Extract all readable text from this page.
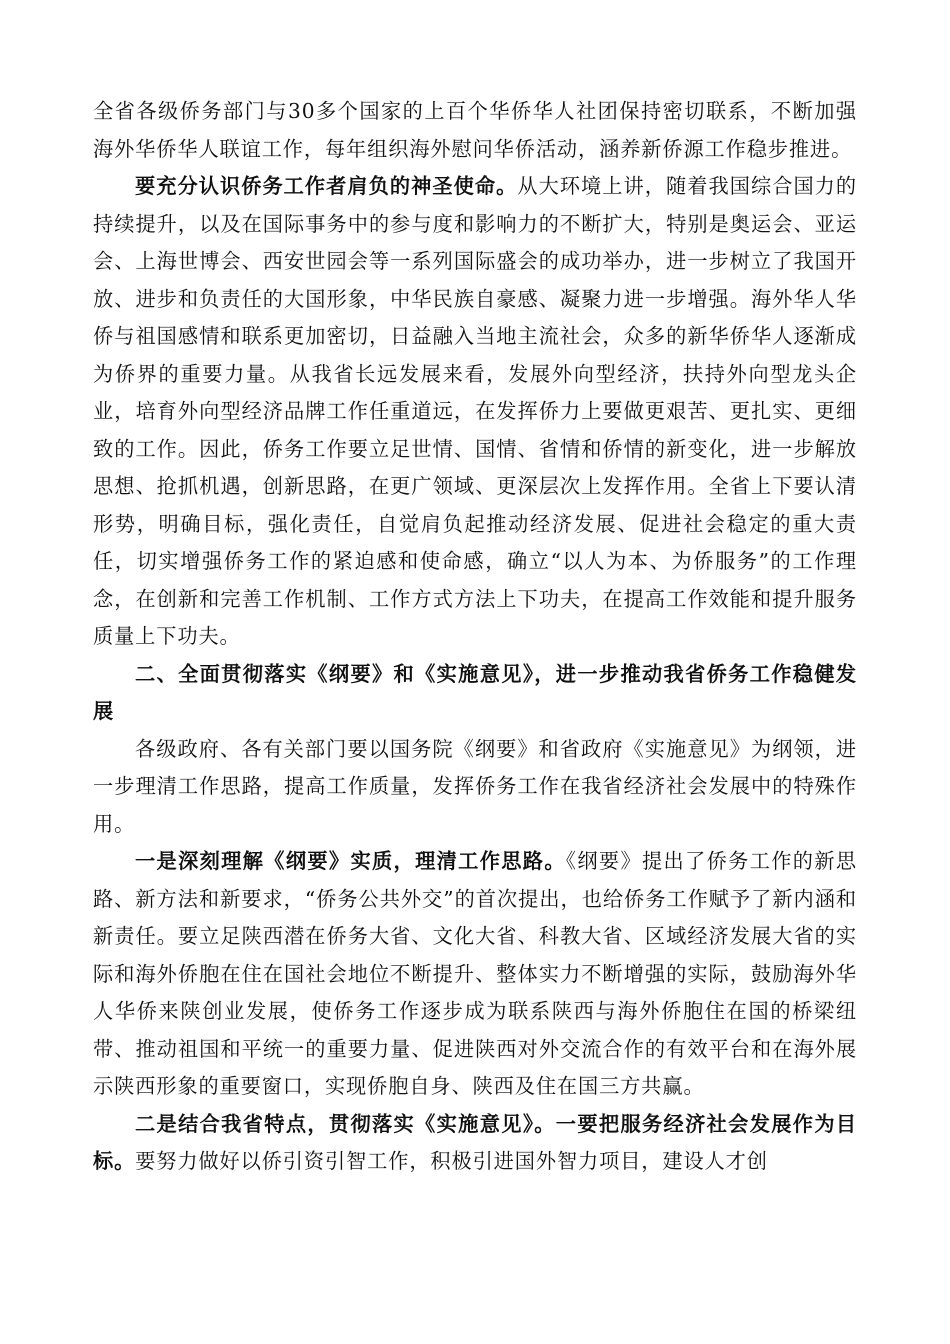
全省各级侨务部门与30多个国家的上百个华侨华人社团保持密切联系，不断加强海外华侨华人联谊工作，每年组织海外慰问华侨活动，涵养新侨源工作稳步推进。

要充分认识侨务工作者肩负的神圣使命。从大环境上讲，随着我国综合国力的持续提升，以及在国际事务中的参与度和影响力的不断扩大，特别是奥运会、亚运会、上海世博会、西安世园会等一系列国际盛会的成功举办，进一步树立了我国开放、进步和负责任的大国形象，中华民族自豪感、凝聚力进一步增强。海外华人华侨与祖国感情和联系更加密切，日益融入当地主流社会，众多的新华侨华人逐渐成为侨界的重要力量。从我省长远发展来看，发展外向型经济，扶持外向型龙头企业，培育外向型经济品牌工作任重道远，在发挥侨力上要做更艰苦、更扎实、更细致的工作。因此，侨务工作要立足世情、国情、省情和侨情的新变化，进一步解放思想、抢抓机遇，创新思路，在更广领域、更深层次上发挥作用。全省上下要认清形势，明确目标，强化责任，自觉肩负起推动经济发展、促进社会稳定的重大责任，切实增强侨务工作的紧迫感和使命感，确立“以人为本、为侨服务”的工作理念，在创新和完善工作机制、工作方式方法上下功夫，在提高工作效能和提升服务质量上下功夫。

二、全面贯彻落实《纲要》和《实施意见》，进一步推动我省侨务工作稳健发展

各级政府、各有关部门要以国务院《纲要》和省政府《实施意见》为纲领，进一步理清工作思路，提高工作质量，发挥侨务工作在我省经济社会发展中的特殊作用。

一是深刻理解《纲要》实质，理清工作思路。《纲要》提出了侨务工作的新思路、新方法和新要求，“侨务公共外交”的首次提出，也给侨务工作赋予了新内涵和新责任。要立足陕西潜在侨务大省、文化大省、科教大省、区域经济发展大省的实际和海外侨胞在住在国社会地位不断提升、整体实力不断增强的实际，鼓励海外华人华侨来陕创业发展，使侨务工作逐步成为联系陕西与海外侨胞住在国的桥梁纽带、推动祖国和平统一的重要力量、促进陕西对外交流合作的有效平台和在海外展示陕西形象的重要窗口，实现侨胞自身、陕西及住在国三方共赢。

二是结合我省特点，贯彻落实《实施意见》。一要把服务经济社会发展作为目标。要努力做好以侨引资引智工作，积极引进国外智力项目，建设人才创
